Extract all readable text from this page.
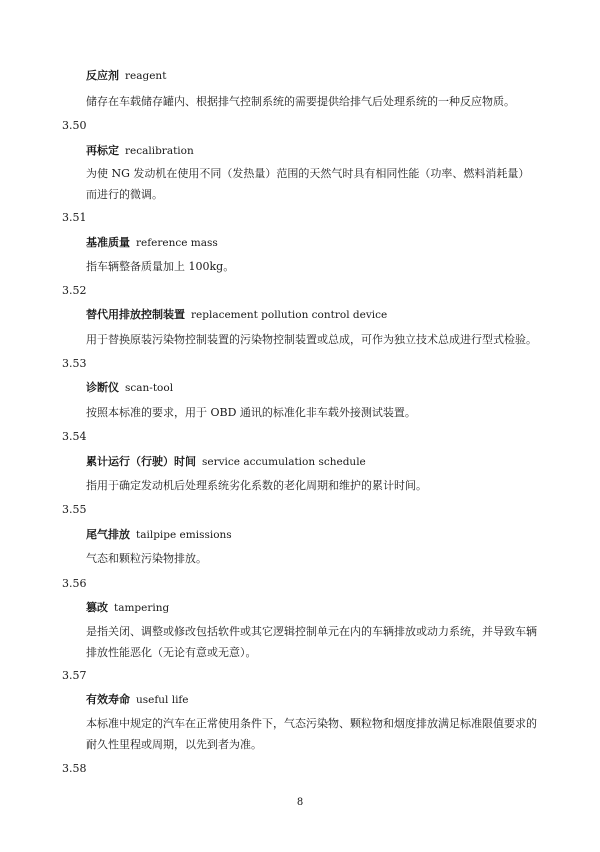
反应剂 reagent
储存在车载储存罐内、根据排气控制系统的需要提供给排气后处理系统的一种反应物质。
3.50
再标定 recalibration
为使 NG 发动机在使用不同（发热量）范围的天然气时具有相同性能（功率、燃料消耗量）而进行的微调。
3.51
基准质量 reference mass
指车辆整备质量加上 100kg。
3.52
替代用排放控制装置 replacement pollution control device
用于替换原装污染物控制装置的污染物控制装置或总成，可作为独立技术总成进行型式检验。
3.53
诊断仪 scan-tool
按照本标准的要求，用于 OBD 通讯的标准化非车载外接测试装置。
3.54
累计运行（行驶）时间 service accumulation schedule
指用于确定发动机后处理系统劣化系数的老化周期和维护的累计时间。
3.55
尾气排放 tailpipe emissions
气态和颗粒污染物排放。
3.56
篡改 tampering
是指关闭、调整或修改包括软件或其它逻辑控制单元在内的车辆排放或动力系统，并导致车辆排放性能恶化（无论有意或无意）。
3.57
有效寿命 useful life
本标准中规定的汽车在正常使用条件下，气态污染物、颗粒物和烟度排放满足标准限值要求的耐久性里程或周期，以先到者为准。
3.58
8
